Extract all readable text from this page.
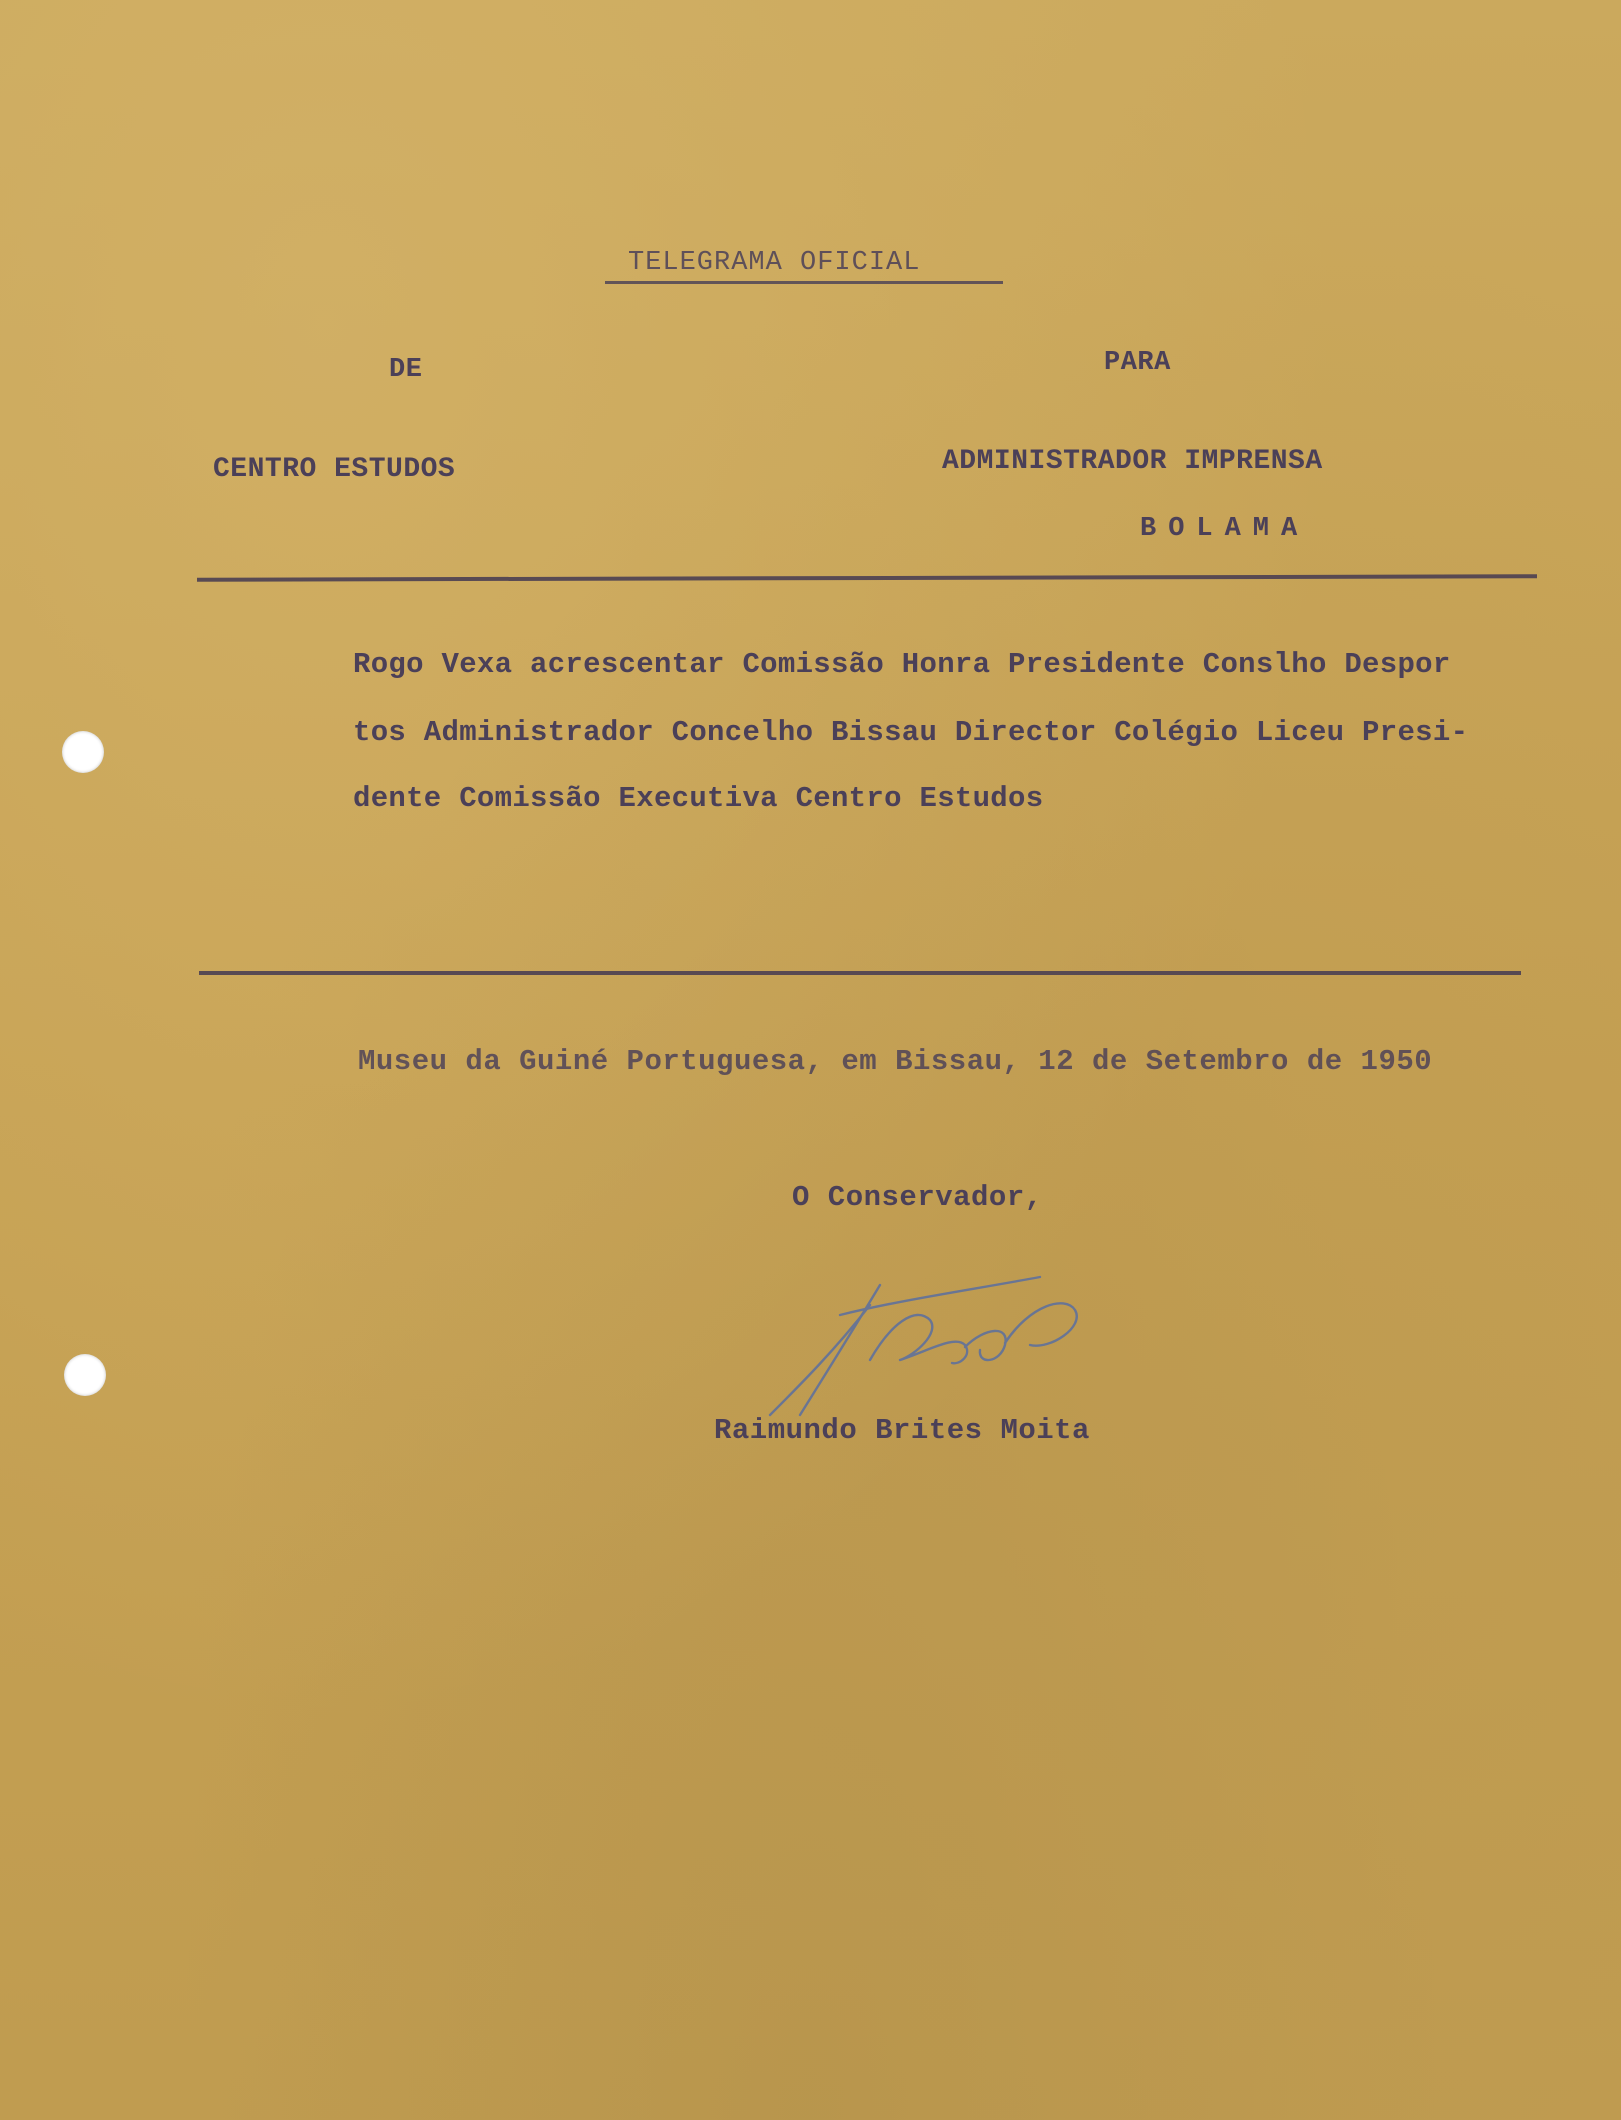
TELEGRAMA OFICIAL
DE	PARA
CENTRO ESTUDOS	ADMINISTRADOR IMPRENSA
BOLAMA
Rogo Vexa acrescentar Comissão Honra Presidente Conslho Despor
tos Administrador Concelho Bissau Director Colégio Liceu Presi-
dente Comissão Executiva Centro Estudos
Museu da Guiné Portuguesa, em Bissau, 12 de Setembro de 1950
O Conservador,
Raimundo Brites Moita
